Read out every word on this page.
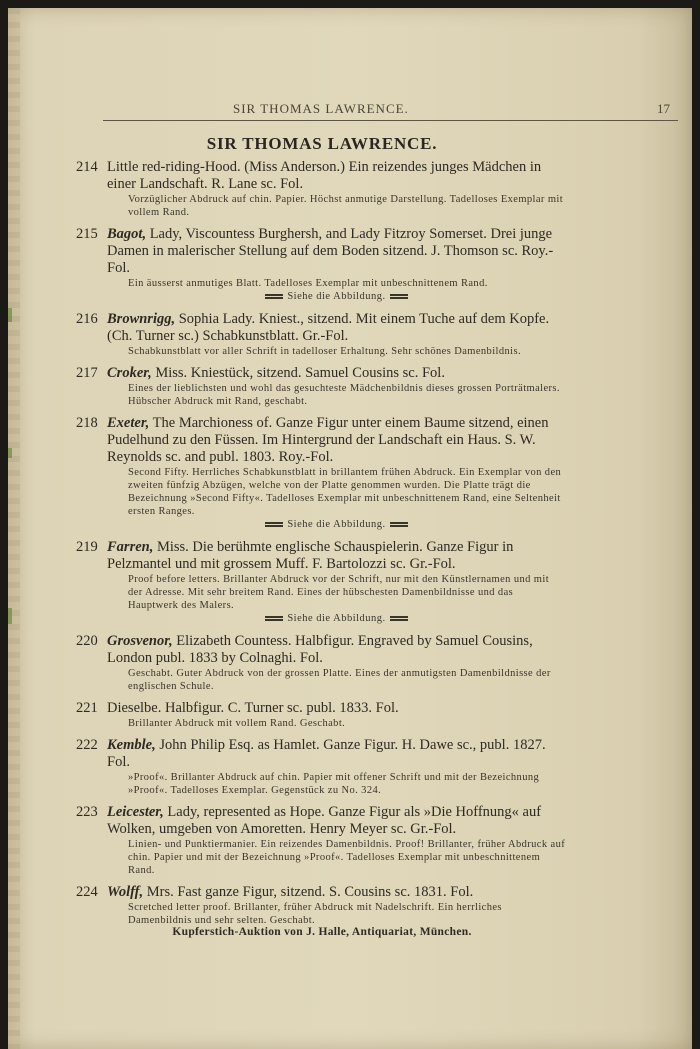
SIR THOMAS LAWRENCE.	17
SIR THOMAS LAWRENCE.
214 Little red-riding-Hood. (Miss Anderson.) Ein reizendes junges Mädchen in einer Landschaft. R. Lane sc. Fol.
Vorzüglicher Abdruck auf chin. Papier. Höchst anmutige Darstellung. Tadelloses Exemplar mit vollem Rand.
215 Bagot, Lady, Viscountess Burghersh, and Lady Fitzroy Somerset. Drei junge Damen in malerischer Stellung auf dem Boden sitzend. J. Thomson sc. Roy.-Fol.
Ein äusserst anmutiges Blatt. Tadelloses Exemplar mit unbeschnittenem Rand.
Siehe die Abbildung.
216 Brownrigg, Sophia Lady. Kniest., sitzend. Mit einem Tuche auf dem Kopfe. (Ch. Turner sc.) Schabkunstblatt. Gr.-Fol.
Schabkunstblatt vor aller Schrift in tadelloser Erhaltung. Sehr schönes Damenbildnis.
217 Croker, Miss. Kniestück, sitzend. Samuel Cousins sc. Fol.
Eines der lieblichsten und wohl das gesuchteste Mädchenbildnis dieses grossen Porträtmalers. Hübscher Abdruck mit Rand, geschabt.
218 Exeter, The Marchioness of. Ganze Figur unter einem Baume sitzend, einen Pudelhund zu den Füssen. Im Hintergrund der Landschaft ein Haus. S. W. Reynolds sc. and publ. 1803. Roy.-Fol.
Second Fifty. Herrliches Schabkunstblatt in brillantem frühen Abdruck. Ein Exemplar von den zweiten fünfzig Abzügen, welche von der Platte genommen wurden. Die Platte trägt die Bezeichnung »Second Fifty«. Tadelloses Exemplar mit unbeschnittenem Rand, eine Seltenheit ersten Ranges.
Siehe die Abbildung.
219 Farren, Miss. Die berühmte englische Schauspielerin. Ganze Figur in Pelzmantel und mit grossem Muff. F. Bartolozzi sc. Gr.-Fol.
Proof before letters. Brillanter Abdruck vor der Schrift, nur mit den Künstlernamen und mit der Adresse. Mit sehr breitem Rand. Eines der hübschesten Damenbildnisse und das Hauptwerk des Malers.
Siehe die Abbildung.
220 Grosvenor, Elizabeth Countess. Halbfigur. Engraved by Samuel Cousins, London publ. 1833 by Colnaghi. Fol.
Geschabt. Guter Abdruck von der grossen Platte. Eines der anmutigsten Damenbildnisse der englischen Schule.
221 Dieselbe. Halbfigur. C. Turner sc. publ. 1833. Fol.
Brillanter Abdruck mit vollem Rand. Geschabt.
222 Kemble, John Philip Esq. as Hamlet. Ganze Figur. H. Dawe sc., publ. 1827. Fol.
»Proof«. Brillanter Abdruck auf chin. Papier mit offener Schrift und mit der Bezeichnung »Proof«. Tadelloses Exemplar. Gegenstück zu No. 324.
223 Leicester, Lady, represented as Hope. Ganze Figur als »Die Hoffnung« auf Wolken, umgeben von Amoretten. Henry Meyer sc. Gr.-Fol.
Linien- und Punktiermanier. Ein reizendes Damenbildnis. Proof! Brillanter, früher Abdruck auf chin. Papier und mit der Bezeichnung »Proof«. Tadelloses Exemplar mit unbeschnittenem Rand.
224 Wolff, Mrs. Fast ganze Figur, sitzend. S. Cousins sc. 1831. Fol.
Scretched letter proof. Brillanter, früher Abdruck mit Nadelschrift. Ein herrliches Damenbildnis und sehr selten. Geschabt.
Kupferstich-Auktion von J. Halle, Antiquariat, München.
